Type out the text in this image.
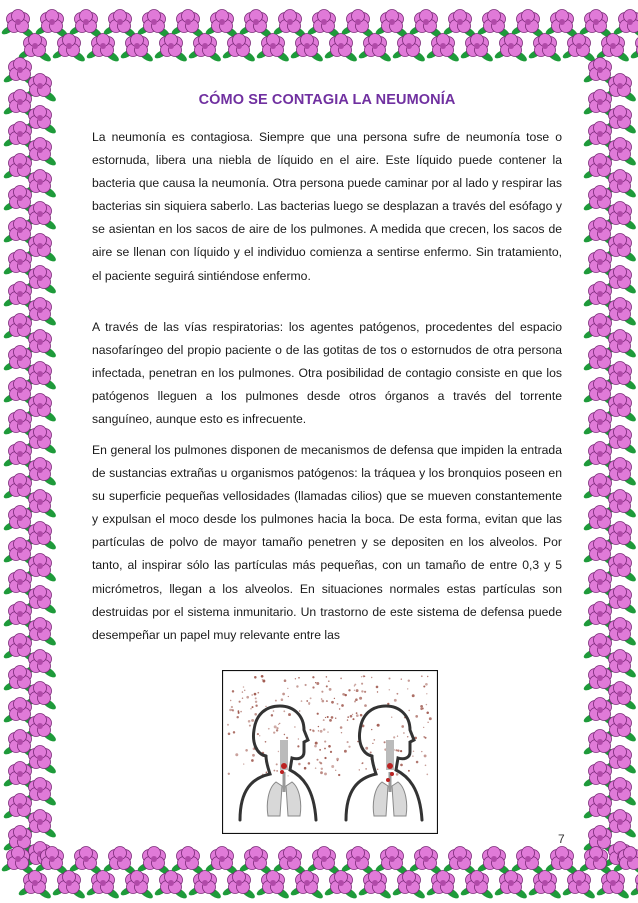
CÓMO SE CONTAGIA LA NEUMONÍA

La neumonía es contagiosa. Siempre que una persona sufre de neumonía tose o estornuda, libera una niebla de líquido en el aire. Este líquido puede contener la bacteria que causa la neumonía. Otra persona puede caminar por al lado y respirar las bacterias sin siquiera saberlo. Las bacterias luego se desplazan a través del esófago y se asientan en los sacos de aire de los pulmones. A medida que crecen, los sacos de aire se llenan con líquido y el individuo comienza a sentirse enfermo. Sin tratamiento, el paciente seguirá sintiéndose enfermo.

A través de las vías respiratorias: los agentes patógenos, procedentes del espacio nasofaríngeo del propio paciente o de las gotitas de tos o estornudos de otra persona infectada, penetran en los pulmones. Otra posibilidad de contagio consiste en que los patógenos lleguen a los pulmones desde otros órganos a través del torrente sanguíneo, aunque esto es infrecuente.

En general los pulmones disponen de mecanismos de defensa que impiden la entrada de sustancias extrañas u organismos patógenos: la tráquea y los bronquios poseen en su superficie pequeñas vellosidades (llamadas cilios) que se mueven constantemente y expulsan el moco desde los pulmones hacia la boca. De esta forma, evitan que las partículas de polvo de mayor tamaño penetren y se depositen en los alveolos. Por tanto, al inspirar sólo las partículas más pequeñas, con un tamaño de entre 0,3 y 5 micrómetros, llegan a los alveolos. En situaciones normales estas partículas son destruidas por el sistema inmunitario. Un trastorno de este sistema de defensa puede desempeñar un papel muy relevante entre las

7
